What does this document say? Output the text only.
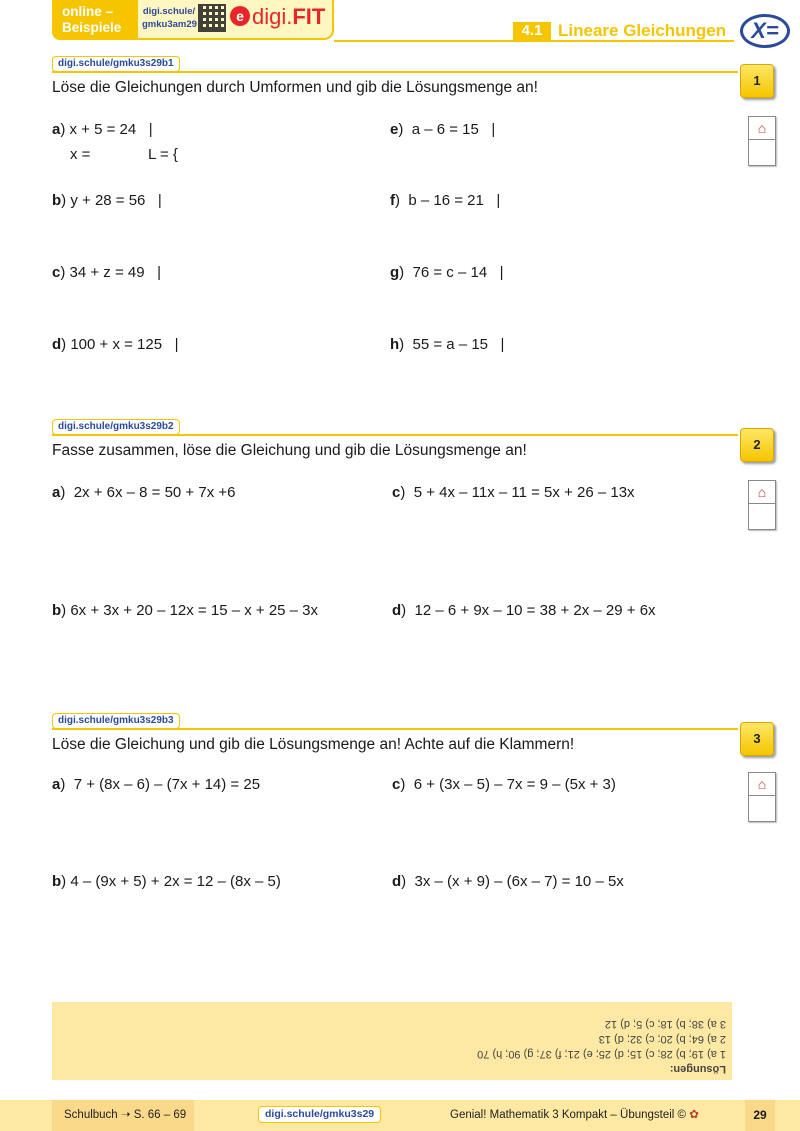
online –
Beispiele
digi.schule/
gmku3am29
e digi.FIT
4.1 Lineare Gleichungen	X=
digi.schule/gmku3s29b1
Löse die Gleichungen durch Umformen und gib die Lösungsmenge an!	1
⌂
a) x + 5 = 24   |	e)  a – 6 = 15   |
x =	L = {
b) y + 28 = 56   |	f)  b – 16 = 21   |
c) 34 + z = 49   |	g)  76 = c – 14   |
d) 100 + x = 125   |	h)  55 = a – 15   |
digi.schule/gmku3s29b2
Fasse zusammen, löse die Gleichung und gib die Lösungsmenge an!	2
⌂
a)  2x + 6x – 8 = 50 + 7x +6	c)  5 + 4x – 11x – 11 = 5x + 26 – 13x
b) 6x + 3x + 20 – 12x = 15 – x + 25 – 3x	d)  12 – 6 + 9x – 10 = 38 + 2x – 29 + 6x
digi.schule/gmku3s29b3
Löse die Gleichung und gib die Lösungsmenge an! Achte auf die Klammern!	3
⌂
a)  7 + (8x – 6) – (7x + 14) = 25	c)  6 + (3x – 5) – 7x = 9 – (5x + 3)
b) 4 – (9x + 5) + 2x = 12 – (8x – 5)	d)  3x – (x + 9) – (6x – 7) = 10 – 5x
Lösungen:
1 a) 19; b) 28; c) 15; d) 25; e) 21; f) 37; g) 90; h) 70
2 a) 64; b) 20; c) 32; d) 13
3 a) 38; b) 18; c) 5; d) 12
Schulbuch ➝ S. 66 – 69	digi.schule/gmku3s29	Genial! Mathematik 3 Kompakt – Übungsteil © ✿	29
